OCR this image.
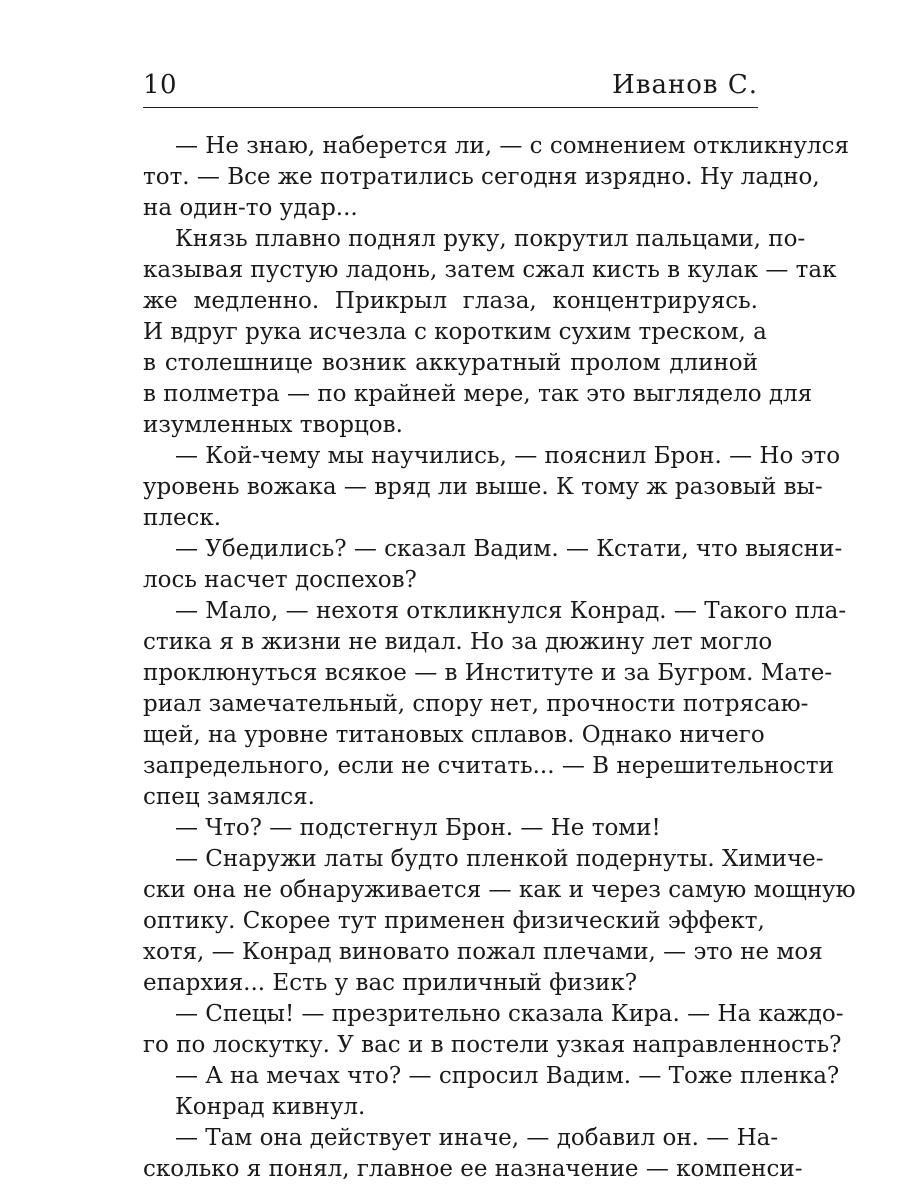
10	Иванов С.
— Не знаю, наберется ли, — с сомнением откликнулся
тот. — Все же потратились сегодня изрядно. Ну ладно,
на один-то удар...
Князь плавно поднял руку, покрутил пальцами, по-
казывая пустую ладонь, затем сжал кисть в кулак — так
же медленно. Прикрыл глаза, концентрируясь.
И вдруг рука исчезла с коротким сухим треском, а
в столешнице возник аккуратный пролом длиной
в полметра — по крайней мере, так это выглядело для
изумленных творцов.
— Кой-чему мы научились, — пояснил Брон. — Но это
уровень вожака — вряд ли выше. К тому ж разовый вы-
плеск.
— Убедились? — сказал Вадим. — Кстати, что выясни-
лось насчет доспехов?
— Мало, — нехотя откликнулся Конрад. — Такого пла-
стика я в жизни не видал. Но за дюжину лет могло
проклюнуться всякое — в Институте и за Бугром. Мате-
риал замечательный, спору нет, прочности потрясаю-
щей, на уровне титановых сплавов. Однако ничего
запредельного, если не считать... — В нерешительности
спец замялся.
— Что? — подстегнул Брон. — Не томи!
— Снаружи латы будто пленкой подернуты. Химиче-
ски она не обнаруживается — как и через самую мощную
оптику. Скорее тут применен физический эффект,
хотя, — Конрад виновато пожал плечами, — это не моя
епархия... Есть у вас приличный физик?
— Спецы! — презрительно сказала Кира. — На каждо-
го по лоскутку. У вас и в постели узкая направленность?
— А на мечах что? — спросил Вадим. — Тоже пленка?
Конрад кивнул.
— Там она действует иначе, — добавил он. — На-
сколько я понял, главное ее назначение — компенси-
